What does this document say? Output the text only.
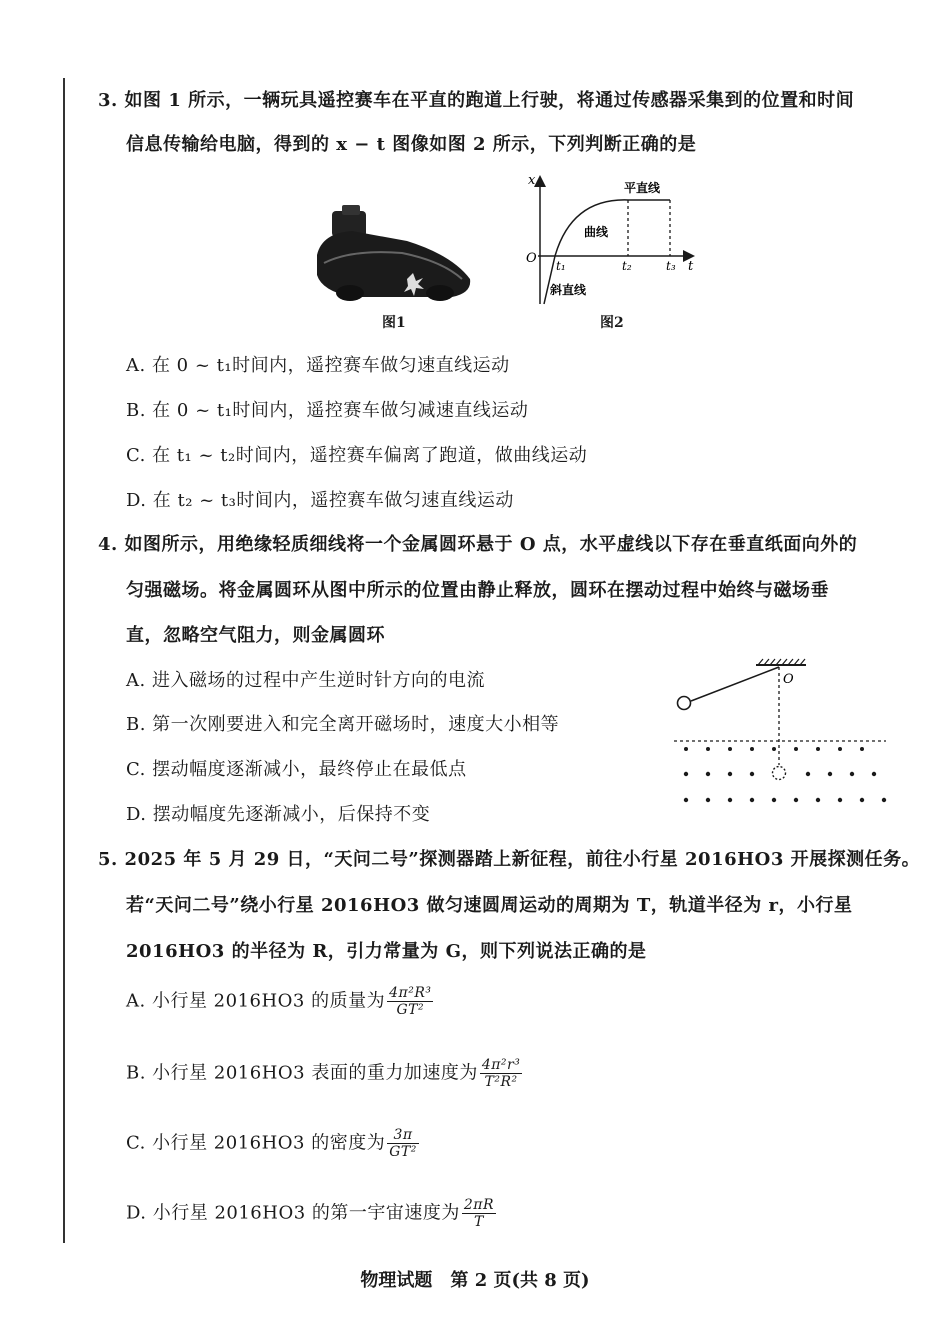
3. 如图 1 所示，一辆玩具遥控赛车在平直的跑道上行驶，将通过传感器采集到的位置和时间
信息传输给电脑，得到的 x − t 图像如图 2 所示，下列判断正确的是
图1
x
t
O t₁	t₂	t₃
平直线
曲线
斜直线
图2
A. 在 0 ~ t₁时间内，遥控赛车做匀速直线运动
B. 在 0 ~ t₁时间内，遥控赛车做匀减速直线运动
C. 在 t₁ ~ t₂时间内，遥控赛车偏离了跑道，做曲线运动
D. 在 t₂ ~ t₃时间内，遥控赛车做匀速直线运动
4. 如图所示，用绝缘轻质细线将一个金属圆环悬于 O 点，水平虚线以下存在垂直纸面向外的
匀强磁场。将金属圆环从图中所示的位置由静止释放，圆环在摆动过程中始终与磁场垂
直，忽略空气阻力，则金属圆环
A. 进入磁场的过程中产生逆时针方向的电流
B. 第一次刚要进入和完全离开磁场时，速度大小相等
C. 摆动幅度逐渐减小，最终停止在最低点
D. 摆动幅度先逐渐减小，后保持不变
O
5. 2025 年 5 月 29 日，“天问二号”探测器踏上新征程，前往小行星 2016HO3 开展探测任务。
若“天问二号”绕小行星 2016HO3 做匀速圆周运动的周期为 T，轨道半径为 r，小行星
2016HO3 的半径为 R，引力常量为 G，则下列说法正确的是
A. 小行星 2016HO3 的质量为 $\frac{\text{4π²R³}}{\text{GT²}}$
B. 小行星 2016HO3 表面的重力加速度为 $\frac{\text{4π²r³}}{\text{T²R²}}$
C. 小行星 2016HO3 的密度为 $\frac{3\pi}{\text{GT²}}$
D. 小行星 2016HO3 的第一宇宙速度为 $\frac{2\pi R}{T}$
物理试题　第 2 页(共 8 页)
